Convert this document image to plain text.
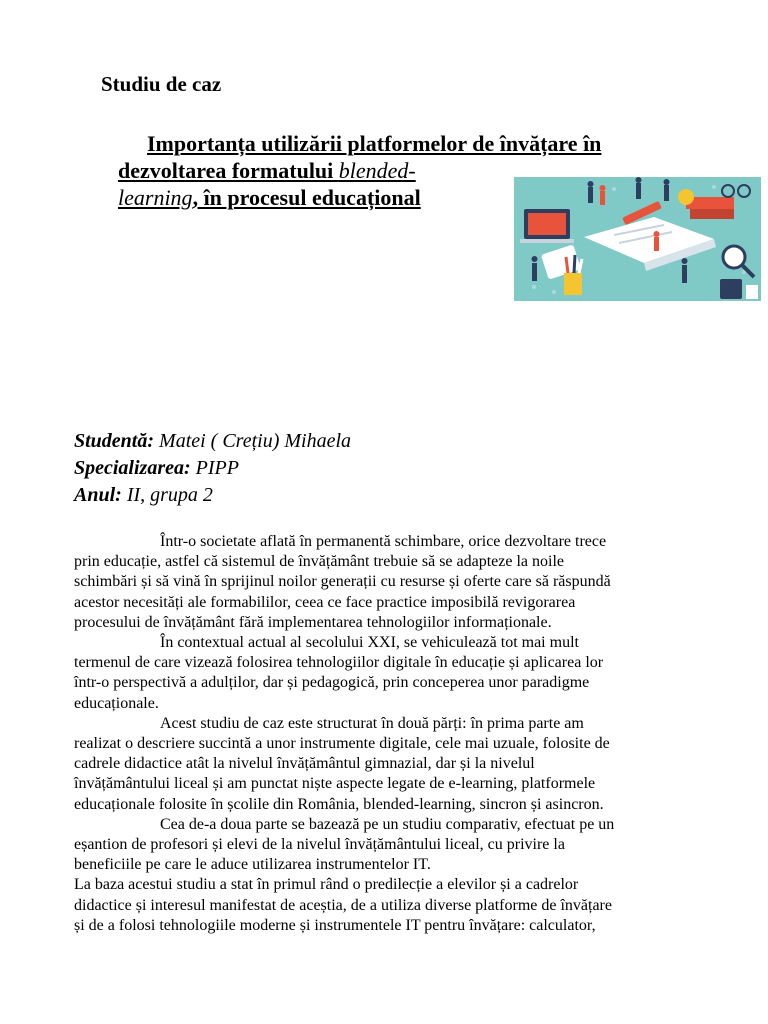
Studiu de caz
Importanța utilizării platformelor de învățare în
dezvoltarea formatului blended-
learning, în procesul educațional
Studentă: Matei ( Crețiu) Mihaela
Specializarea: PIPP
Anul: II, grupa 2
Într-o societate aflată în permanentă schimbare, orice dezvoltare trece
prin educație, astfel că sistemul de învățământ trebuie să se adapteze la noile
schimbări și să vină în sprijinul noilor generații cu resurse și oferte care să răspundă
acestor necesități ale formabililor, ceea ce face practice imposibilă revigorarea
procesului de învățământ fără implementarea tehnologiilor informaționale.
În contextual actual al secolului XXI, se vehiculează tot mai mult
termenul de care vizează folosirea tehnologiilor digitale în educație și aplicarea lor
într-o perspectivă a adulților, dar și pedagogică, prin conceperea unor paradigme
educaționale.
Acest studiu de caz este structurat în două părți: în prima parte am
realizat o descriere succintă a unor instrumente digitale, cele mai uzuale, folosite de
cadrele didactice atât la nivelul învățământul gimnazial, dar și la nivelul
învățământului liceal și am punctat niște aspecte legate de e-learning, platformele
educaționale folosite în școlile din România, blended-learning, sincron și asincron.
Cea de-a doua parte se bazează pe un studiu comparativ, efectuat pe un
eșantion de profesori și elevi de la nivelul învățământului liceal, cu privire la
beneficiile pe care le aduce utilizarea instrumentelor IT.
La baza acestui studiu a stat în primul rând o predilecție a elevilor și a cadrelor
didactice și interesul manifestat de aceștia, de a utiliza diverse platforme de învățare
și de a folosi tehnologiile moderne și instrumentele IT pentru învățare: calculator,
